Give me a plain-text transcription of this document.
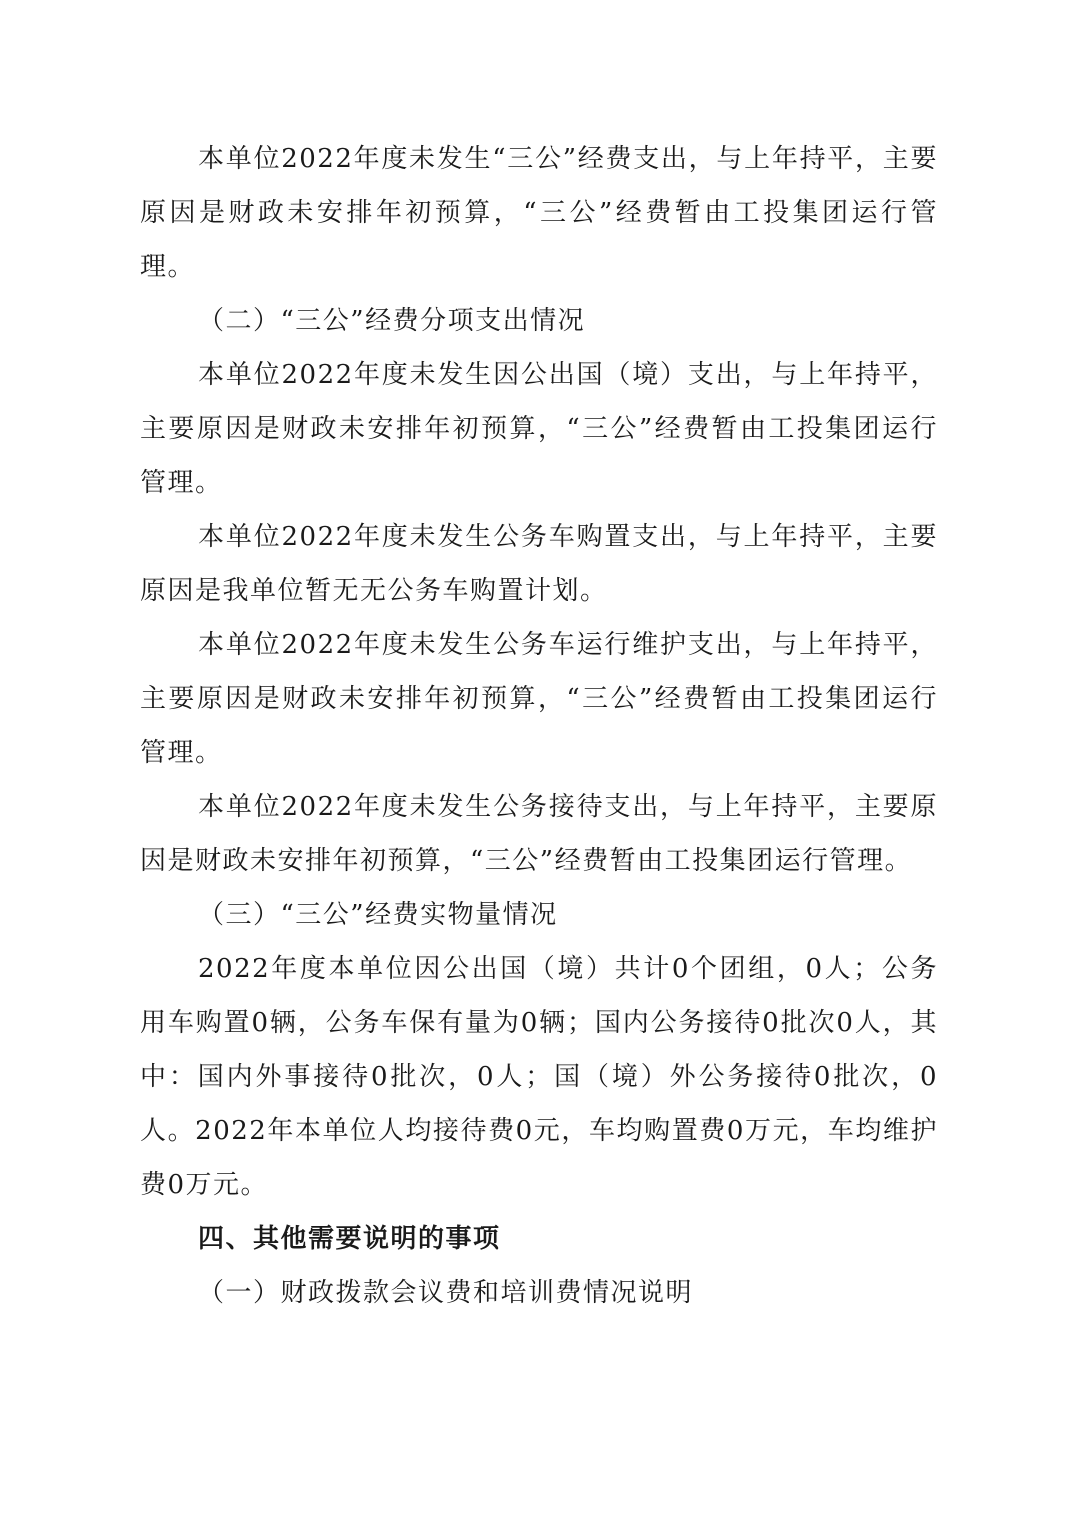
本单位2022年度未发生“三公”经费支出，与上年持平，主要原因是财政未安排年初预算，“三公”经费暂由工投集团运行管理。

（二）“三公”经费分项支出情况

本单位2022年度未发生因公出国（境）支出，与上年持平，主要原因是财政未安排年初预算，“三公”经费暂由工投集团运行管理。

本单位2022年度未发生公务车购置支出，与上年持平，主要原因是我单位暂无无公务车购置计划。

本单位2022年度未发生公务车运行维护支出，与上年持平，主要原因是财政未安排年初预算，“三公”经费暂由工投集团运行管理。

本单位2022年度未发生公务接待支出，与上年持平，主要原因是财政未安排年初预算，“三公”经费暂由工投集团运行管理。

（三）“三公”经费实物量情况

2022年度本单位因公出国（境）共计0个团组，0人；公务用车购置0辆，公务车保有量为0辆；国内公务接待0批次0人，其中：国内外事接待0批次，0人；国（境）外公务接待0批次，0人。2022年本单位人均接待费0元，车均购置费0万元，车均维护费0万元。

四、其他需要说明的事项

（一）财政拨款会议费和培训费情况说明
